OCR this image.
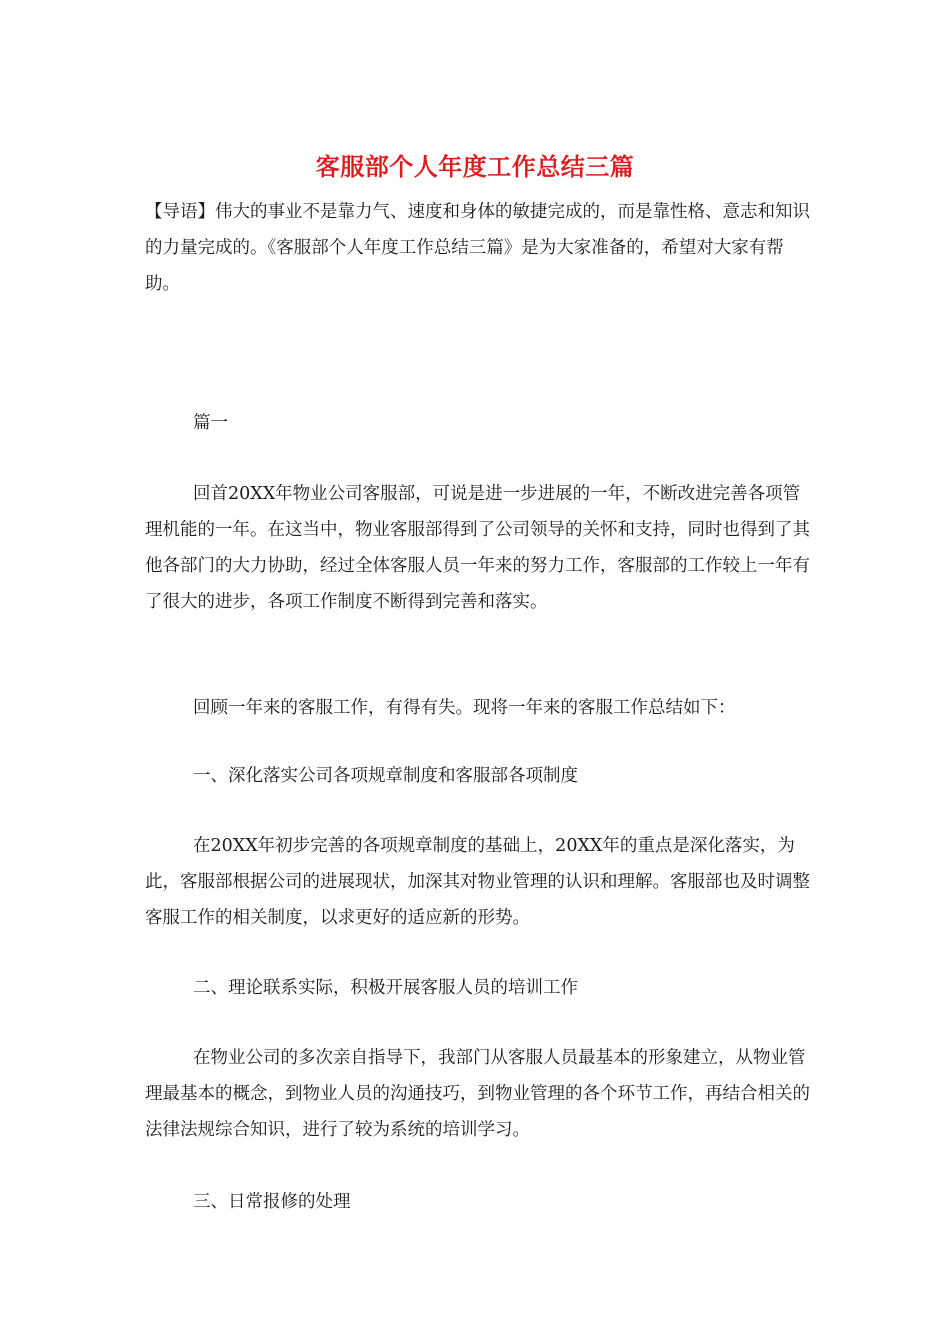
客服部个人年度工作总结三篇

【导语】伟大的事业不是靠力气、速度和身体的敏捷完成的，而是靠性格、意志和知识的力量完成的。《客服部个人年度工作总结三篇》是为大家准备的，希望对大家有帮助。

篇一

回首20XX年物业公司客服部，可说是进一步进展的一年，不断改进完善各项管理机能的一年。在这当中，物业客服部得到了公司领导的关怀和支持，同时也得到了其他各部门的大力协助，经过全体客服人员一年来的努力工作，客服部的工作较上一年有了很大的进步，各项工作制度不断得到完善和落实。

回顾一年来的客服工作，有得有失。现将一年来的客服工作总结如下：

一、深化落实公司各项规章制度和客服部各项制度

在20XX年初步完善的各项规章制度的基础上，20XX年的重点是深化落实，为此，客服部根据公司的进展现状，加深其对物业管理的认识和理解。客服部也及时调整客服工作的相关制度，以求更好的适应新的形势。

二、理论联系实际，积极开展客服人员的培训工作

在物业公司的多次亲自指导下，我部门从客服人员最基本的形象建立，从物业管理最基本的概念，到物业人员的沟通技巧，到物业管理的各个环节工作，再结合相关的法律法规综合知识，进行了较为系统的培训学习。

三、日常报修的处理
